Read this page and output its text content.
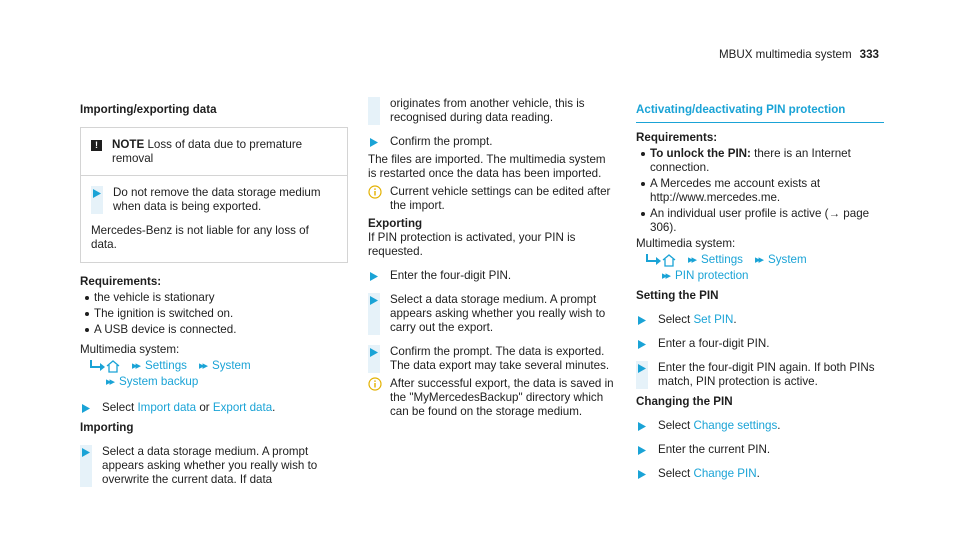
MBUX multimedia system 333

Importing/exporting data

!	NOTE Loss of data due to premature removal
Do not remove the data storage medium when data is being exported.

Mercedes-Benz is not liable for any loss of data.

Requirements:

the vehicle is stationary
The ignition is switched on.
A USB device is connected.

Multimedia system:

▸▸ Settings ▸▸ System
▸▸ System backup
Select Import data or Export data.

Importing

Select a data storage medium. A prompt appears asking whether you really wish to overwrite the current data. If data
originates from another vehicle, this is recognised during data reading.
Confirm the prompt.

The files are imported. The multimedia system is restarted once the data has been imported.

Current vehicle settings can be edited after the import.

Exporting

If PIN protection is activated, your PIN is requested.

Enter the four-digit PIN.
Select a data storage medium. A prompt appears asking whether you really wish to carry out the export.
Confirm the prompt. The data is exported. The data export may take several minutes.
After successful export, the data is saved in the "MyMercedesBackup" directory which can be found on the storage medium.

Activating/deactivating PIN protection

Requirements:

To unlock the PIN: there is an Internet connection.
A Mercedes me account exists at http://www.mercedes.me.
An individual user profile is active (→ page 306).

Multimedia system:

▸▸ Settings ▸▸ System
▸▸ PIN protection

Setting the PIN

Select Set PIN.
Enter a four-digit PIN.
Enter the four-digit PIN again. If both PINs match, PIN protection is active.

Changing the PIN

Select Change settings.
Enter the current PIN.
Select Change PIN.
